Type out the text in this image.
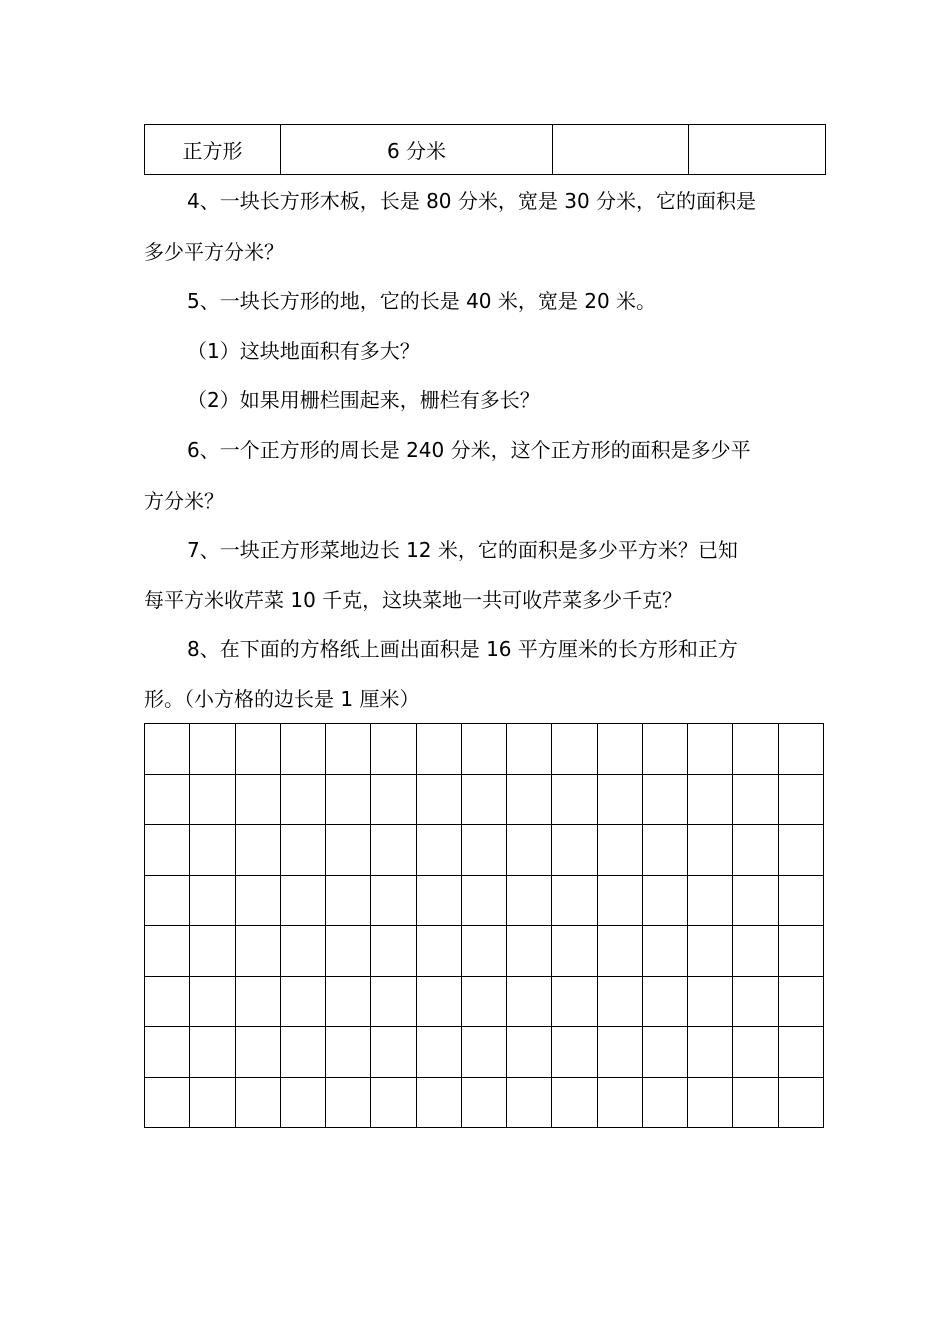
正方形	6 分米		

4、一块长方形木板，长是 80 分米，宽是 30 分米，它的面积是

多少平方分米？

5、一块长方形的地，它的长是 40 米，宽是 20 米。

（1）这块地面积有多大？

（2）如果用栅栏围起来，栅栏有多长？

6、一个正方形的周长是 240 分米，这个正方形的面积是多少平

方分米？

7、一块正方形菜地边长 12 米，它的面积是多少平方米？已知

每平方米收芹菜 10 千克，这块菜地一共可收芹菜多少千克？

8、在下面的方格纸上画出面积是 16 平方厘米的长方形和正方

形。（小方格的边长是 1 厘米）
